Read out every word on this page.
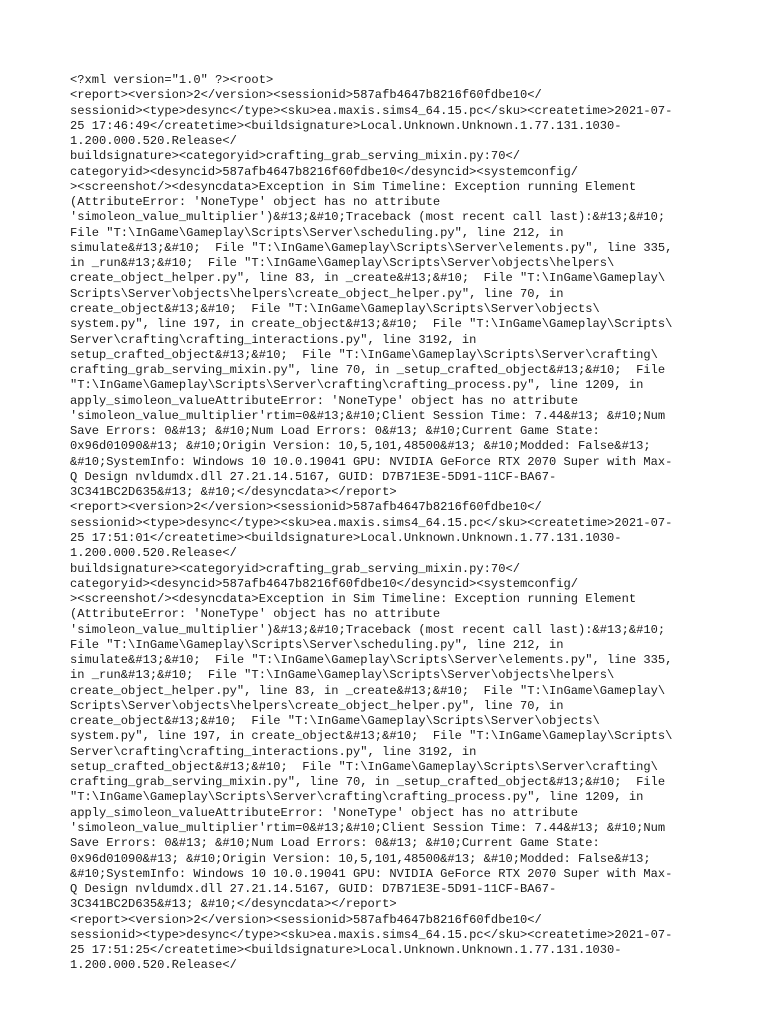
<?xml version="1.0" ?><root>
<report><version>2</version><sessionid>587afb4647b8216f60fdbe10</
sessionid><type>desync</type><sku>ea.maxis.sims4_64.15.pc</sku><createtime>2021-07-
25 17:46:49</createtime><buildsignature>Local.Unknown.Unknown.1.77.131.1030-
1.200.000.520.Release</
buildsignature><categoryid>crafting_grab_serving_mixin.py:70</
categoryid><desyncid>587afb4647b8216f60fdbe10</desyncid><systemconfig/
><screenshot/><desyncdata>Exception in Sim Timeline: Exception running Element
(AttributeError: 'NoneType' object has no attribute
'simoleon_value_multiplier')&#13;&#10;Traceback (most recent call last):&#13;&#10;
File "T:\InGame\Gameplay\Scripts\Server\scheduling.py", line 212, in
simulate&#13;&#10;  File "T:\InGame\Gameplay\Scripts\Server\elements.py", line 335,
in _run&#13;&#10;  File "T:\InGame\Gameplay\Scripts\Server\objects\helpers\
create_object_helper.py", line 83, in _create&#13;&#10;  File "T:\InGame\Gameplay\
Scripts\Server\objects\helpers\create_object_helper.py", line 70, in
create_object&#13;&#10;  File "T:\InGame\Gameplay\Scripts\Server\objects\
system.py", line 197, in create_object&#13;&#10;  File "T:\InGame\Gameplay\Scripts\
Server\crafting\crafting_interactions.py", line 3192, in
setup_crafted_object&#13;&#10;  File "T:\InGame\Gameplay\Scripts\Server\crafting\
crafting_grab_serving_mixin.py", line 70, in _setup_crafted_object&#13;&#10;  File
"T:\InGame\Gameplay\Scripts\Server\crafting\crafting_process.py", line 1209, in
apply_simoleon_valueAttributeError: 'NoneType' object has no attribute
'simoleon_value_multiplier'rtim=0&#13;&#10;Client Session Time: 7.44&#13; &#10;Num
Save Errors: 0&#13; &#10;Num Load Errors: 0&#13; &#10;Current Game State:
0x96d01090&#13; &#10;Origin Version: 10,5,101,48500&#13; &#10;Modded: False&#13;
&#10;SystemInfo: Windows 10 10.0.19041 GPU: NVIDIA GeForce RTX 2070 Super with Max-
Q Design nvldumdx.dll 27.21.14.5167, GUID: D7B71E3E-5D91-11CF-BA67-
3C341BC2D635&#13; &#10;</desyncdata></report>
<report><version>2</version><sessionid>587afb4647b8216f60fdbe10</
sessionid><type>desync</type><sku>ea.maxis.sims4_64.15.pc</sku><createtime>2021-07-
25 17:51:01</createtime><buildsignature>Local.Unknown.Unknown.1.77.131.1030-
1.200.000.520.Release</
buildsignature><categoryid>crafting_grab_serving_mixin.py:70</
categoryid><desyncid>587afb4647b8216f60fdbe10</desyncid><systemconfig/
><screenshot/><desyncdata>Exception in Sim Timeline: Exception running Element
(AttributeError: 'NoneType' object has no attribute
'simoleon_value_multiplier')&#13;&#10;Traceback (most recent call last):&#13;&#10;
File "T:\InGame\Gameplay\Scripts\Server\scheduling.py", line 212, in
simulate&#13;&#10;  File "T:\InGame\Gameplay\Scripts\Server\elements.py", line 335,
in _run&#13;&#10;  File "T:\InGame\Gameplay\Scripts\Server\objects\helpers\
create_object_helper.py", line 83, in _create&#13;&#10;  File "T:\InGame\Gameplay\
Scripts\Server\objects\helpers\create_object_helper.py", line 70, in
create_object&#13;&#10;  File "T:\InGame\Gameplay\Scripts\Server\objects\
system.py", line 197, in create_object&#13;&#10;  File "T:\InGame\Gameplay\Scripts\
Server\crafting\crafting_interactions.py", line 3192, in
setup_crafted_object&#13;&#10;  File "T:\InGame\Gameplay\Scripts\Server\crafting\
crafting_grab_serving_mixin.py", line 70, in _setup_crafted_object&#13;&#10;  File
"T:\InGame\Gameplay\Scripts\Server\crafting\crafting_process.py", line 1209, in
apply_simoleon_valueAttributeError: 'NoneType' object has no attribute
'simoleon_value_multiplier'rtim=0&#13;&#10;Client Session Time: 7.44&#13; &#10;Num
Save Errors: 0&#13; &#10;Num Load Errors: 0&#13; &#10;Current Game State:
0x96d01090&#13; &#10;Origin Version: 10,5,101,48500&#13; &#10;Modded: False&#13;
&#10;SystemInfo: Windows 10 10.0.19041 GPU: NVIDIA GeForce RTX 2070 Super with Max-
Q Design nvldumdx.dll 27.21.14.5167, GUID: D7B71E3E-5D91-11CF-BA67-
3C341BC2D635&#13; &#10;</desyncdata></report>
<report><version>2</version><sessionid>587afb4647b8216f60fdbe10</
sessionid><type>desync</type><sku>ea.maxis.sims4_64.15.pc</sku><createtime>2021-07-
25 17:51:25</createtime><buildsignature>Local.Unknown.Unknown.1.77.131.1030-
1.200.000.520.Release</
